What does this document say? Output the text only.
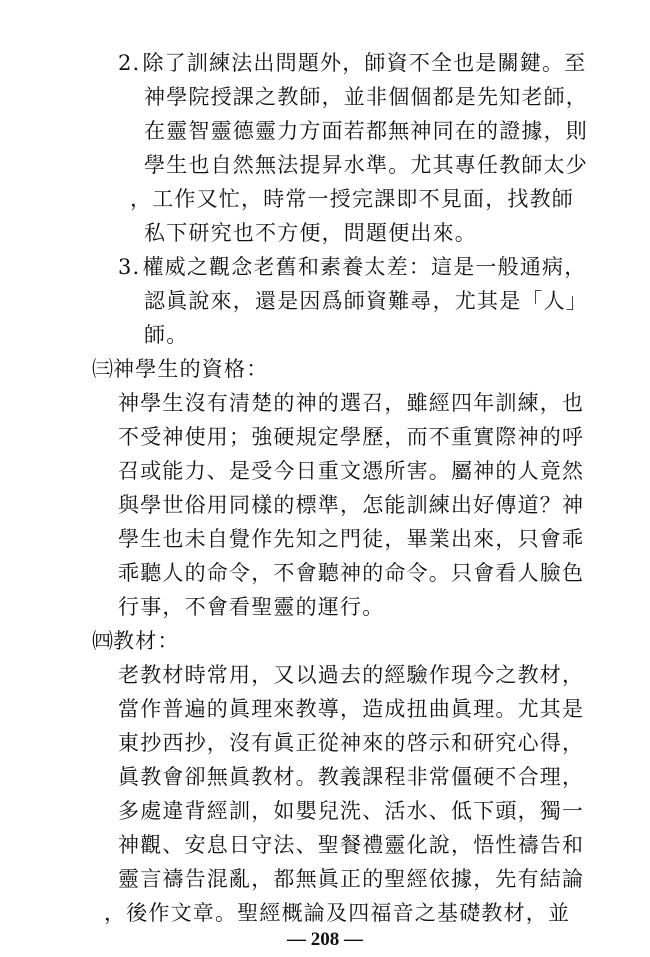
2.除了訓練法出問題外，師資不全也是關鍵。至
神學院授課之教師，並非個個都是先知老師，
在靈智靈德靈力方面若都無神同在的證據，則
學生也自然無法提昇水準。尤其專任教師太少
，工作又忙，時常一授完課即不見面，找教師
私下研究也不方便，問題便出來。
3.權威之觀念老舊和素養太差：這是一般通病，
認眞說來，還是因爲師資難尋，尤其是「人」
師。
㈢神學生的資格：
神學生沒有清楚的神的選召，雖經四年訓練，也
不受神使用；強硬規定學歷，而不重實際神的呼
召或能力、是受今日重文憑所害。屬神的人竟然
與學世俗用同樣的標準，怎能訓練出好傳道？神
學生也未自覺作先知之門徒，畢業出來，只會乖
乖聽人的命令，不會聽神的命令。只會看人臉色
行事，不會看聖靈的運行。
㈣教材：
老教材時常用，又以過去的經驗作現今之教材，
當作普遍的眞理來教導，造成扭曲眞理。尤其是
東抄西抄，沒有眞正從神來的啓示和研究心得，
眞教會卻無眞教材。教義課程非常僵硬不合理，
多處違背經訓，如嬰兒洗、活水、低下頭，獨一
神觀、安息日守法、聖餐禮靈化說，悟性禱告和
靈言禱告混亂，都無眞正的聖經依據，先有結論
，後作文章。聖經概論及四福音之基礎教材，並
— 208 —
